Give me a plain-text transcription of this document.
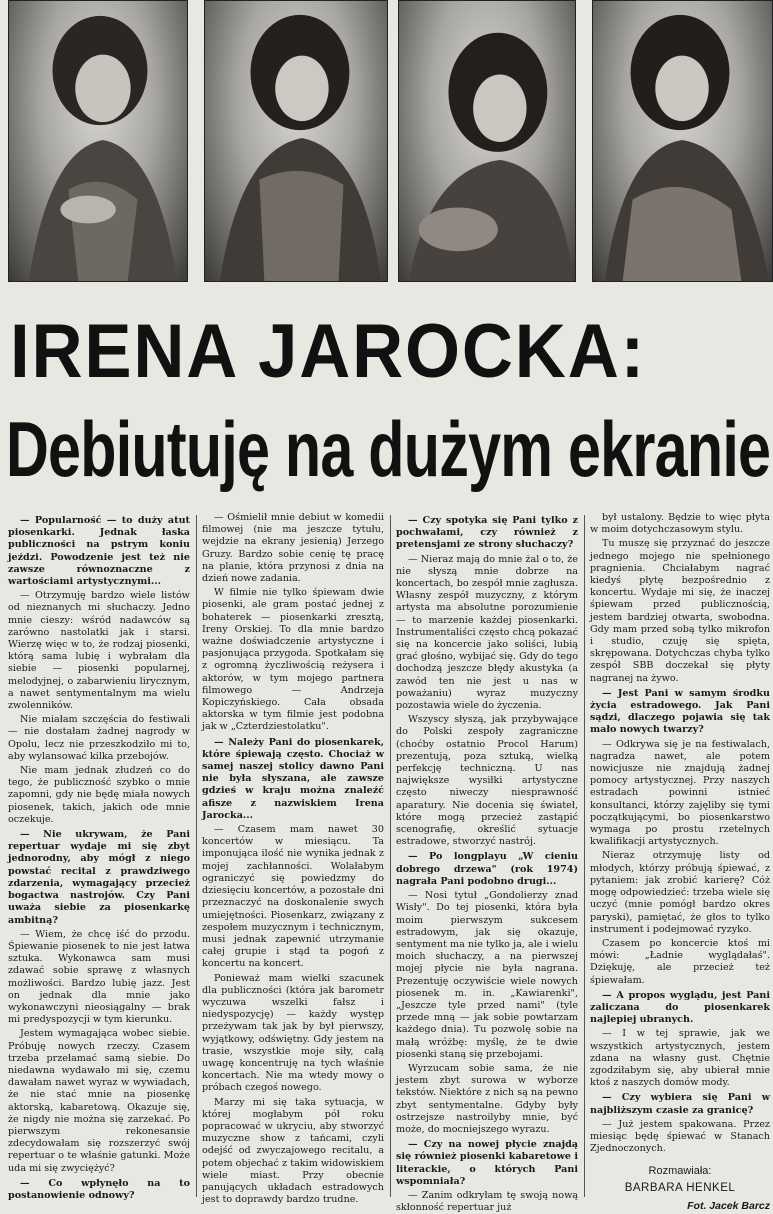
IRENA JAROCKA:
Debiutuję na dużym ekranie

— Popularność — to duży atut piosenkarki. Jednak łaska publiczności na pstrym koniu jeździ. Powodzenie jest też nie zawsze równoznaczne z wartościami artystycznymi...

— Otrzymuję bardzo wiele listów od nieznanych mi słuchaczy. Jedno mnie cieszy: wśród nadawców są zarówno nastolatki jak i starsi. Wierzę więc w to, że rodzaj piosenki, którą sama lubię i wybrałam dla siebie — piosenki popularnej, melodyjnej, o zabarwieniu lirycznym, a nawet sentymentalnym ma wielu zwolenników.

Nie miałam szczęścia do festiwali — nie dostałam żadnej nagrody w Opolu, lecz nie przeszkodziło mi to, aby wylansować kilka przebojów.

Nie mam jednak złudzeń co do tego, że publiczność szybko o mnie zapomni, gdy nie będę miała nowych piosenek, takich, jakich ode mnie oczekuje.

— Nie ukrywam, że Pani repertuar wydaje mi się zbyt jednorodny, aby mógł z niego powstać recital z prawdziwego zdarzenia, wymagający przecież bogactwa nastrojów. Czy Pani uważa siebie za piosenkarkę ambitną?

— Wiem, że chcę iść do przodu. Śpiewanie piosenek to nie jest łatwa sztuka. Wykonawca sam musi zdawać sobie sprawę z własnych możliwości. Bardzo lubię jazz. Jest on jednak dla mnie jako wykonawczyni nieosiągalny — brak mi predyspozycji w tym kierunku.

Jestem wymagająca wobec siebie. Próbuję nowych rzeczy. Czasem trzeba przełamać samą siebie. Do niedawna wydawało mi się, czemu dawałam nawet wyraz w wywiadach, że nie stać mnie na piosenkę aktorską, kabaretową. Okazuje się, że nigdy nie można się zarzekać. Po pierwszym rekonesansie zdecydowałam się rozszerzyć swój repertuar o te właśnie gatunki. Może uda mi się zwyciężyć?

— Co wpłynęło na to postanowienie odnowy?

— Ośmielił mnie debiut w komedii filmowej (nie ma jeszcze tytułu, wejdzie na ekrany jesienią) Jerzego Gruzy. Bardzo sobie cenię tę pracę na planie, która przynosi z dnia na dzień nowe zadania.

W filmie nie tylko śpiewam dwie piosenki, ale gram postać jednej z bohaterek — piosenkarki zresztą, Ireny Orskiej. To dla mnie bardzo ważne doświadczenie artystyczne i pasjonująca przygoda. Spotkałam się z ogromną życzliwością reżysera i aktorów, w tym mojego partnera filmowego — Andrzeja Kopiczyńskiego. Cała obsada aktorska w tym filmie jest podobna jak w „Czterdziestolatku".

— Należy Pani do piosenkarek, które śpiewają często. Chociaż w samej naszej stolicy dawno Pani nie była słyszana, ale zawsze gdzieś w kraju można znaleźć afisze z nazwiskiem Irena Jarocka...

— Czasem mam nawet 30 koncertów w miesiącu. Ta imponująca ilość nie wynika jednak z mojej zachłanności. Wolałabym ograniczyć się powiedzmy do dziesięciu koncertów, a pozostałe dni przeznaczyć na doskonalenie swych umiejętności. Piosenkarz, związany z zespołem muzycznym i technicznym, musi jednak zapewnić utrzymanie całej grupie i stąd ta pogoń z koncertu na koncert.

Ponieważ mam wielki szacunek dla publiczności (która jak barometr wyczuwa wszelki fałsz i niedyspozycję) — każdy występ przeżywam tak jak by był pierwszy, wyjątkowy, odświętny. Gdy jestem na trasie, wszystkie moje siły, całą uwagę koncentruję na tych właśnie koncertach. Nie ma wtedy mowy o próbach czegoś nowego.

Marzy mi się taka sytuacja, w której mogłabym pół roku popracować w ukryciu, aby stworzyć muzyczne show z tańcami, czyli odejść od zwyczajowego recitalu, a potem objechać z takim widowiskiem wiele miast. Przy obecnie panujących układach estradowych jest to doprawdy bardzo trudne.

— Czy spotyka się Pani tylko z pochwałami, czy również z pretensjami ze strony słuchaczy?

— Nieraz mają do mnie żal o to, że nie słyszą mnie dobrze na koncertach, bo zespół mnie zagłusza. Własny zespół muzyczny, z którym artysta ma absolutne porozumienie — to marzenie każdej piosenkarki. Instrumentaliści często chcą pokazać się na koncercie jako soliści, lubią grać głośno, wybijać się. Gdy do tego dochodzą jeszcze błędy akustyka (a zawód ten nie jest u nas w poważaniu) wyraz muzyczny pozostawia wiele do życzenia.

Wszyscy słyszą, jak przybywające do Polski zespoły zagraniczne (choćby ostatnio Procol Harum) prezentują, poza sztuką, wielką perfekcję techniczną. U nas największe wysiłki artystyczne często niweczy niesprawność aparatury. Nie docenia się świateł, które mogą przecież zastąpić scenografię, określić sytuacje estradowe, stworzyć nastrój.

— Po longplayu „W cieniu dobrego drzewa" (rok 1974) nagrała Pani podobno drugi...

— Nosi tytuł „Gondolierzy znad Wisły". Do tej piosenki, która była moim pierwszym sukcesem estradowym, jak się okazuje, sentyment ma nie tylko ja, ale i wielu moich słuchaczy, a na pierwszej mojej płycie nie była nagrana. Prezentuję oczywiście wiele nowych piosenek m. in. „Kawiarenki", „Jeszcze tyle przed nami" (tyle przede mną — jak sobie powtarzam każdego dnia). Tu pozwolę sobie na małą wróżbę: myślę, że te dwie piosenki staną się przebojami.

Wyrzucam sobie sama, że nie jestem zbyt surowa w wyborze tekstów. Niektóre z nich są na pewno zbyt sentymentalne. Gdyby były ostrzejsze nastroilyby mnie, być może, do mocniejszego wyrazu.

— Czy na nowej płycie znajdą się również piosenki kabaretowe i literackie, o których Pani wspomniała?

— Zanim odkryłam tę swoją nową skłonność repertuar już

był ustalony. Będzie to więc płyta w moim dotychczasowym stylu.

Tu muszę się przyznać do jeszcze jednego mojego nie spełnionego pragnienia. Chciałabym nagrać kiedyś płytę bezpośrednio z koncertu. Wydaje mi się, że inaczej śpiewam przed publicznością, jestem bardziej otwarta, swobodna. Gdy mam przed sobą tylko mikrofon i studio, czuję się spięta, skrępowana. Dotychczas chyba tylko zespół SBB doczekał się płyty nagranej na żywo.

— Jest Pani w samym środku życia estradowego. Jak Pani sądzi, dlaczego pojawia się tak mało nowych twarzy?

— Odkrywa się je na festiwalach, nagradza nawet, ale potem nowicjusze nie znajdują żadnej pomocy artystycznej. Przy naszych estradach powinni istnieć konsultanci, którzy zajęliby się tymi początkującymi, bo piosenkarstwo wymaga po prostu rzetelnych kwalifikacji artystycznych.

Nieraz otrzymuję listy od młodych, którzy próbują śpiewać, z pytaniem: jak zrobić karierę? Cóż mogę odpowiedzieć: trzeba wiele się uczyć (mnie pomógł bardzo okres paryski), pamiętać, że głos to tylko instrument i podejmować ryzyko.

Czasem po koncercie ktoś mi mówi: „Ładnie wyglądałaś". Dziękuję, ale przecież też śpiewałam.

— A propos wyglądu, jest Pani zaliczana do piosenkarek najlepiej ubranych.

— I w tej sprawie, jak we wszystkich artystycznych, jestem zdana na własny gust. Chętnie zgodziłabym się, aby ubierał mnie ktoś z naszych domów mody.

— Czy wybiera się Pani w najbliższym czasie za granicę?

— Już jestem spakowana. Przez miesiąc będę śpiewać w Stanach Zjednoczonych.

Rozmawiała:
BARBARA HENKEL
Fot. Jacek Barcz
